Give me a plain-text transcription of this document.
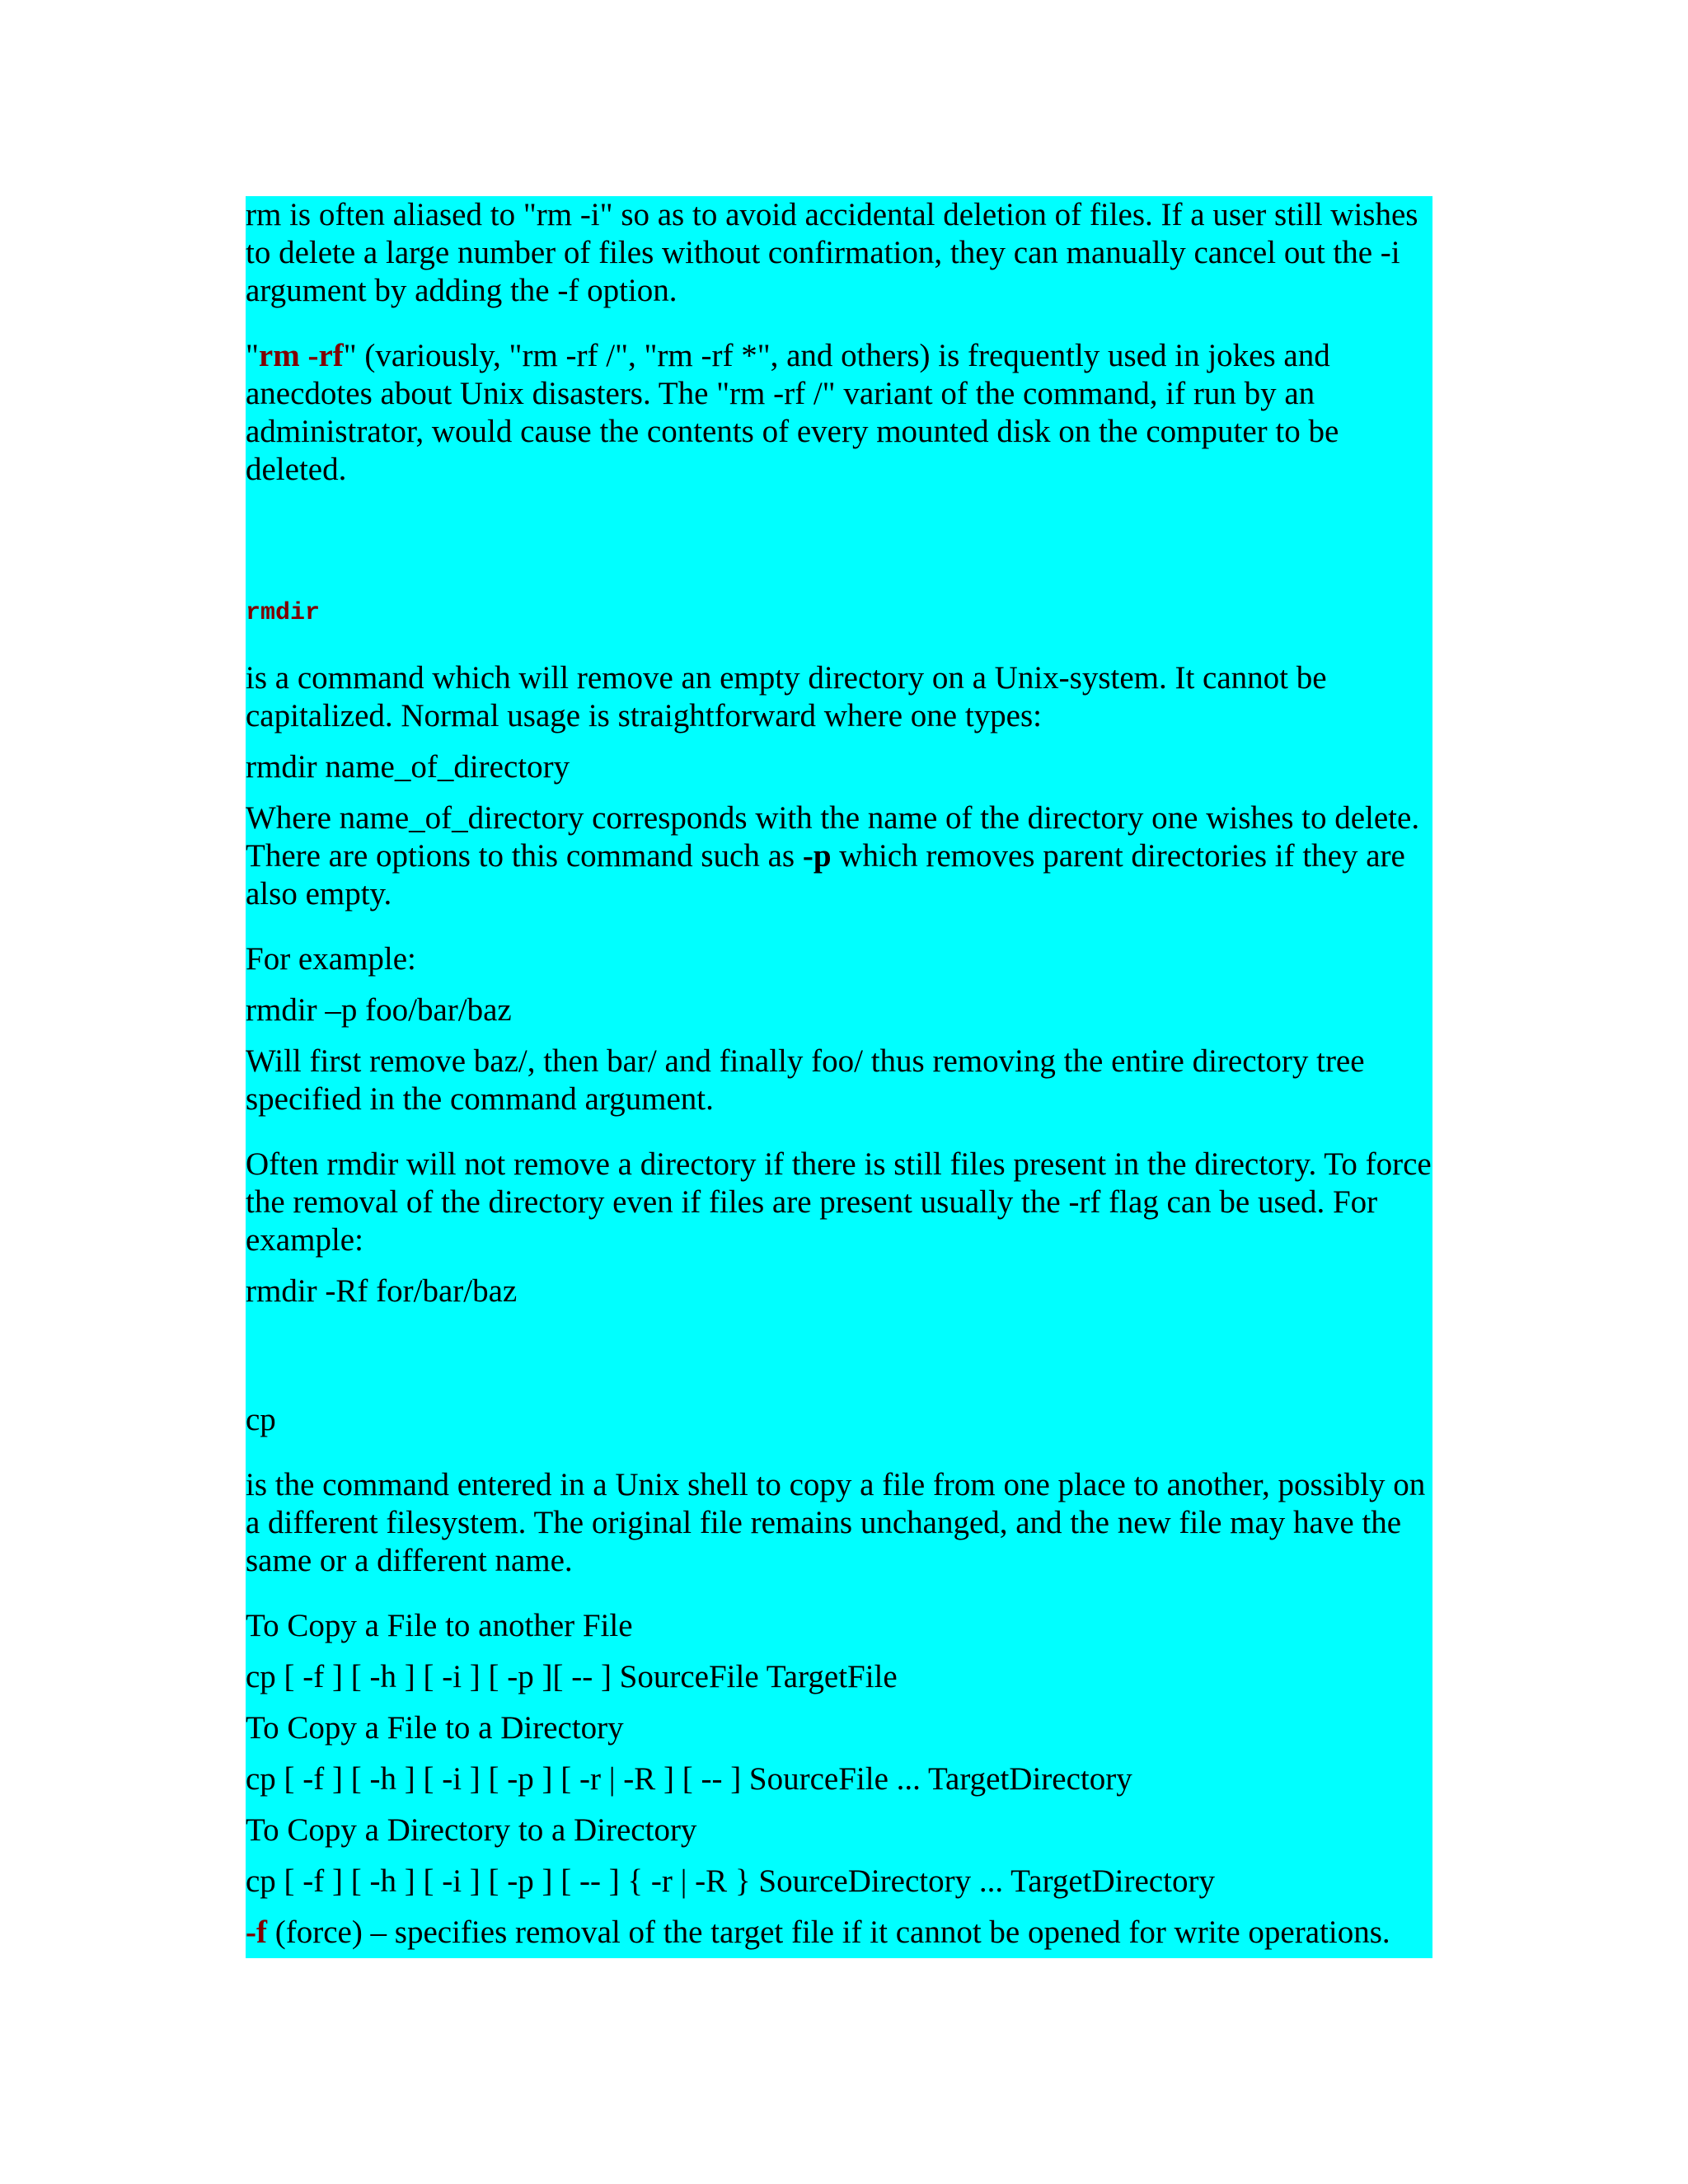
rm is often aliased to "rm -i" so as to avoid accidental deletion of files. If a user still wishes to delete a large number of files without confirmation, they can manually cancel out the -i argument by adding the -f option.

"rm -rf" (variously, "rm -rf /", "rm -rf *", and others) is frequently used in jokes and anecdotes about Unix disasters. The "rm -rf /" variant of the command, if run by an administrator, would cause the contents of every mounted disk on the computer to be deleted.

rmdir

is a command which will remove an empty directory on a Unix-system. It cannot be capitalized. Normal usage is straightforward where one types:

rmdir name_of_directory

Where name_of_directory corresponds with the name of the directory one wishes to delete. There are options to this command such as -p which removes parent directories if they are also empty.

For example:

rmdir –p foo/bar/baz

Will first remove baz/, then bar/ and finally foo/ thus removing the entire directory tree specified in the command argument.

Often rmdir will not remove a directory if there is still files present in the directory. To force the removal of the directory even if files are present usually the -rf flag can be used. For example:

rmdir -Rf for/bar/baz

cp

is the command entered in a Unix shell to copy a file from one place to another, possibly on a different filesystem. The original file remains unchanged, and the new file may have the same or a different name.

To Copy a File to another File

cp [ -f ] [ -h ] [ -i ] [ -p ][ -- ] SourceFile TargetFile

To Copy a File to a Directory

cp [ -f ] [ -h ] [ -i ] [ -p ] [ -r | -R ] [ -- ] SourceFile ... TargetDirectory

To Copy a Directory to a Directory

cp [ -f ] [ -h ] [ -i ] [ -p ] [ -- ] { -r | -R } SourceDirectory ... TargetDirectory

-f (force) – specifies removal of the target file if it cannot be opened for write operations.
